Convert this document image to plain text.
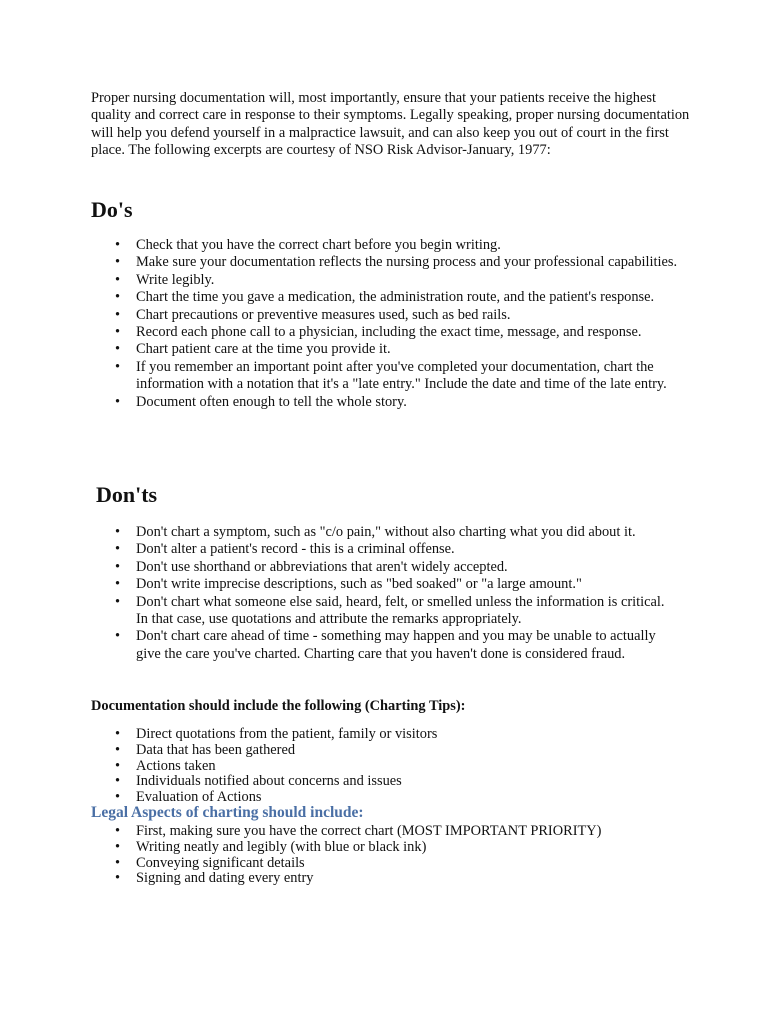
Proper nursing documentation will, most importantly, ensure that your patients receive the highest quality and correct care in response to their symptoms. Legally speaking, proper nursing documentation will help you defend yourself in a malpractice lawsuit, and can also keep you out of court in the first place. The following excerpts are courtesy of NSO Risk Advisor-January, 1977:

Do's
• Check that you have the correct chart before you begin writing.
• Make sure your documentation reflects the nursing process and your professional capabilities.
• Write legibly.
• Chart the time you gave a medication, the administration route, and the patient's response.
• Chart precautions or preventive measures used, such as bed rails.
• Record each phone call to a physician, including the exact time, message, and response.
• Chart patient care at the time you provide it.
• If you remember an important point after you've completed your documentation, chart the information with a notation that it's a "late entry." Include the date and time of the late entry.
• Document often enough to tell the whole story.
Don'ts
• Don't chart a symptom, such as "c/o pain," without also charting what you did about it.
• Don't alter a patient's record - this is a criminal offense.
• Don't use shorthand or abbreviations that aren't widely accepted.
• Don't write imprecise descriptions, such as "bed soaked" or "a large amount."
• Don't chart what someone else said, heard, felt, or smelled unless the information is critical. In that case, use quotations and attribute the remarks appropriately.
• Don't chart care ahead of time - something may happen and you may be unable to actually give the care you've charted. Charting care that you haven't done is considered fraud.
Documentation should include the following (Charting Tips):
• Direct quotations from the patient, family or visitors
• Data that has been gathered
• Actions taken
• Individuals notified about concerns and issues
• Evaluation of Actions
Legal Aspects of charting should include:
• First, making sure you have the correct chart (MOST IMPORTANT PRIORITY)
• Writing neatly and legibly (with blue or black ink)
• Conveying significant details
• Signing and dating every entry
